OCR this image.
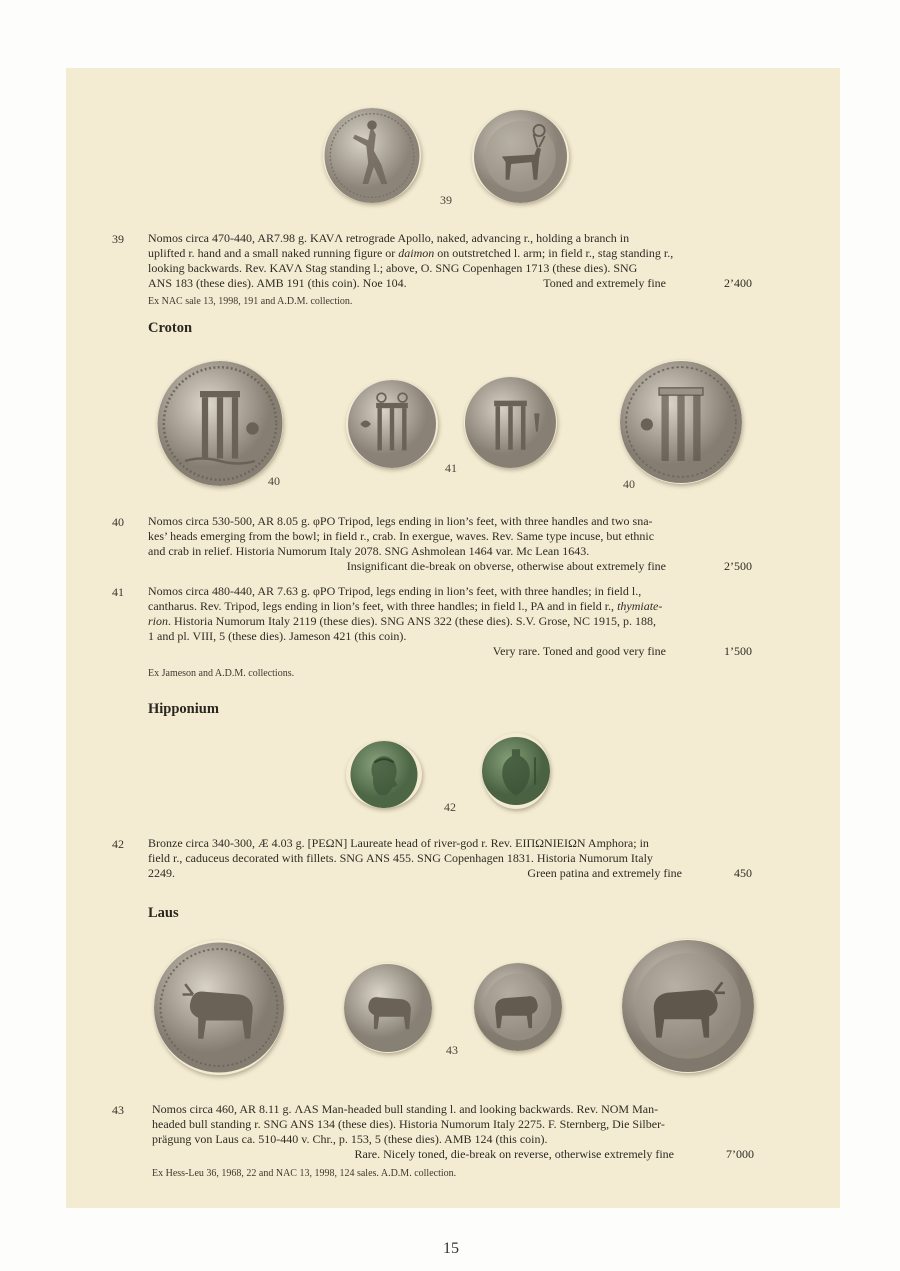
39
39 Nomos circa 470-440, AR7.98 g. KAVΛ retrograde Apollo, naked, advancing r., holding a branch in

uplifted r. hand and a small naked running figure or daimon on outstretched l. arm; in field r., stag standing r.,

looking backwards. Rev. KAVΛ Stag standing l.; above, O. SNG Copenhagen 1713 (these dies). SNG

ANS 183 (these dies). AMB 191 (this coin). Noe 104.	Toned and extremely fine	2’400
Ex NAC sale 13, 1998, 191 and A.D.M. collection.
Croton
40
41
40
40 Nomos circa 530-500, AR 8.05 g. φPO Tripod, legs ending in lion’s feet, with three handles and two sna-

kes’ heads emerging from the bowl; in field r., crab. In exergue, waves. Rev. Same type incuse, but ethnic

and crab in relief. Historia Numorum Italy 2078. SNG Ashmolean 1464 var. Mc Lean 1643.

Insignificant die-break on obverse, otherwise about extremely fine	2’500
41 Nomos circa 480-440, AR 7.63 g. φPO Tripod, legs ending in lion’s feet, with three handles; in field l.,

cantharus. Rev. Tripod, legs ending in lion’s feet, with three handles; in field l., PA and in field r., thymiate-

rion. Historia Numorum Italy 2119 (these dies). SNG ANS 322 (these dies). S.V. Grose, NC 1915, p. 188,

1 and pl. VIII, 5 (these dies). Jameson 421 (this coin).

Very rare. Toned and good very fine	1’500
Ex Jameson and A.D.M. collections.
Hipponium
42
42 Bronze circa 340-300, Æ 4.03 g. [PEΩN] Laureate head of river-god r. Rev. EIΠΩNIEIΩN Amphora; in

field r., caduceus decorated with fillets. SNG ANS 455. SNG Copenhagen 1831. Historia Numorum Italy

2249.	Green patina and extremely fine	450
Laus
43
43 Nomos circa 460, AR 8.11 g. ΛAS Man-headed bull standing l. and looking backwards. Rev. NOM Man-

headed bull standing r. SNG ANS 134 (these dies). Historia Numorum Italy 2275. F. Sternberg, Die Silber-

prägung von Laus ca. 510-440 v. Chr., p. 153, 5 (these dies). AMB 124 (this coin).

Rare. Nicely toned, die-break on reverse, otherwise extremely fine	7’000
Ex Hess-Leu 36, 1968, 22 and NAC 13, 1998, 124 sales. A.D.M. collection.
15
